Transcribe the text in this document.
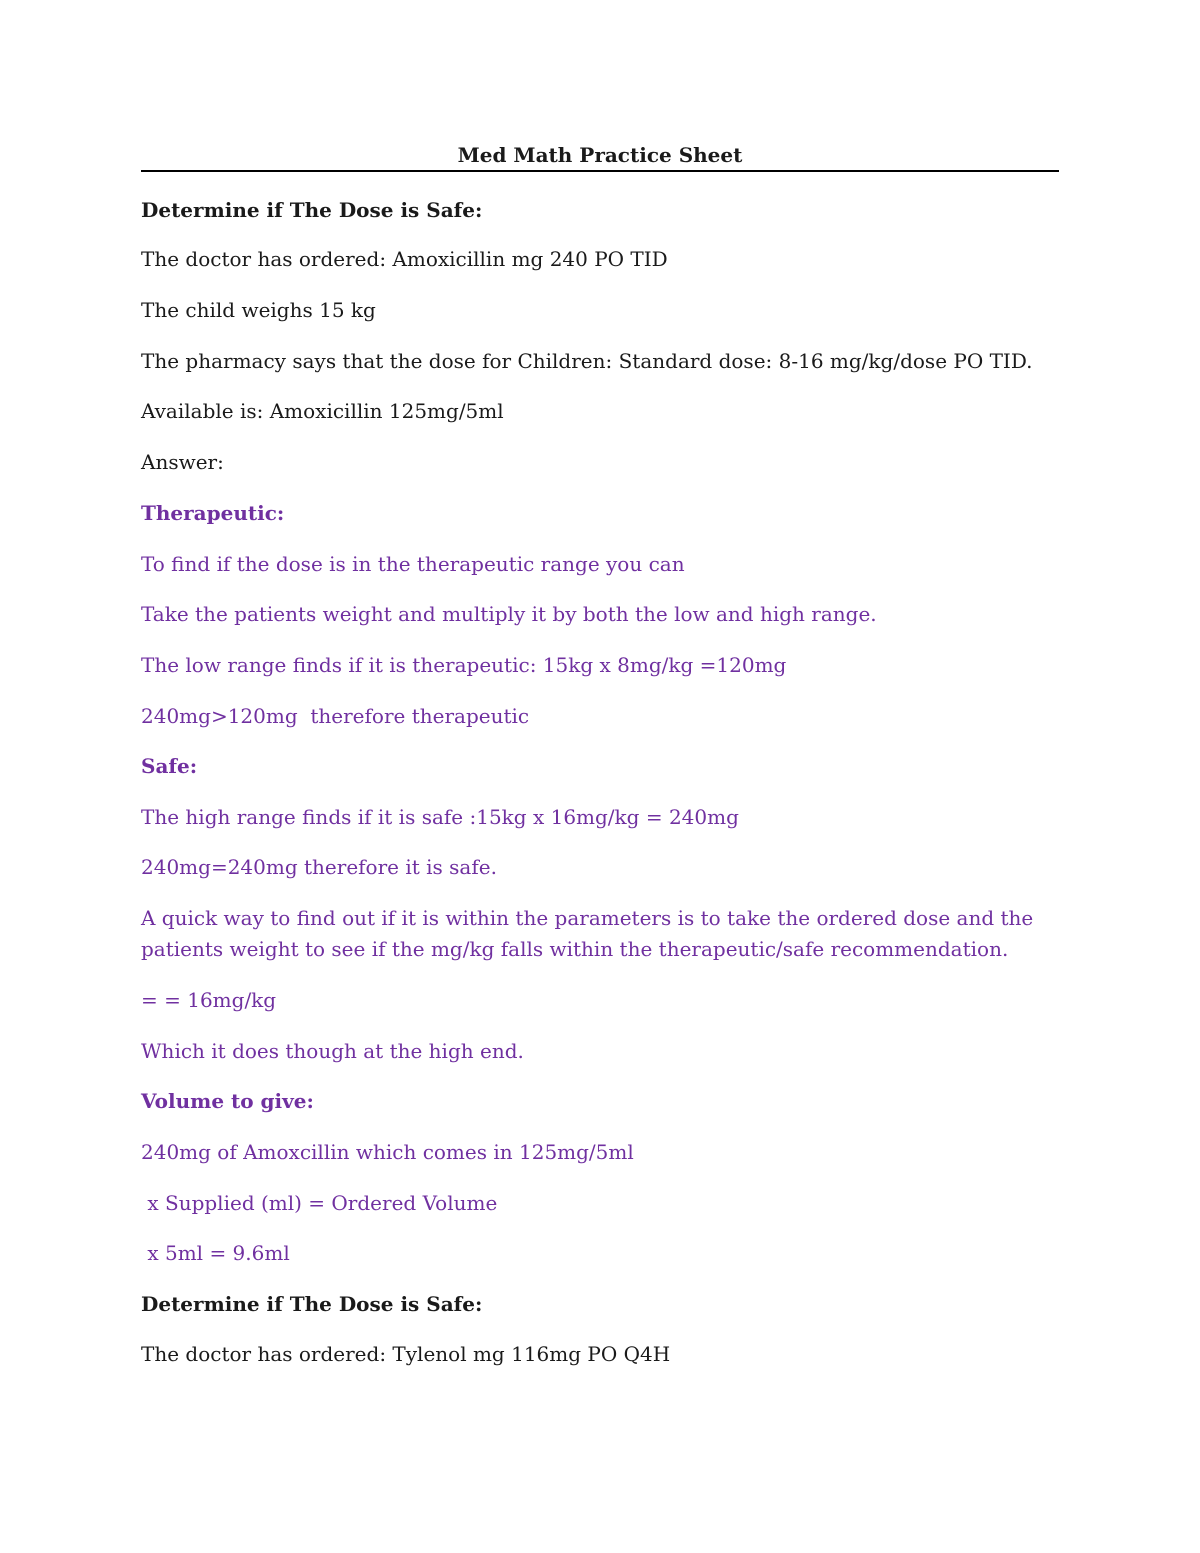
Med Math Practice Sheet

Determine if The Dose is Safe:

The doctor has ordered: Amoxicillin mg 240 PO TID

The child weighs 15 kg

The pharmacy says that the dose for Children: Standard dose: 8-16 mg/kg/dose PO TID.

Available is: Amoxicillin 125mg/5ml

Answer:

Therapeutic:

To find if the dose is in the therapeutic range you can

Take the patients weight and multiply it by both the low and high range.

The low range finds if it is therapeutic: 15kg x 8mg/kg =120mg

240mg>120mg  therefore therapeutic

Safe:

The high range finds if it is safe :15kg x 16mg/kg = 240mg

240mg=240mg therefore it is safe.

A quick way to find out if it is within the parameters is to take the ordered dose and the patients weight to see if the mg/kg falls within the therapeutic/safe recommendation.

= = 16mg/kg

Which it does though at the high end.

Volume to give:

240mg of Amoxcillin which comes in 125mg/5ml

x Supplied (ml) = Ordered Volume

x 5ml = 9.6ml

Determine if The Dose is Safe:

The doctor has ordered: Tylenol mg 116mg PO Q4H
